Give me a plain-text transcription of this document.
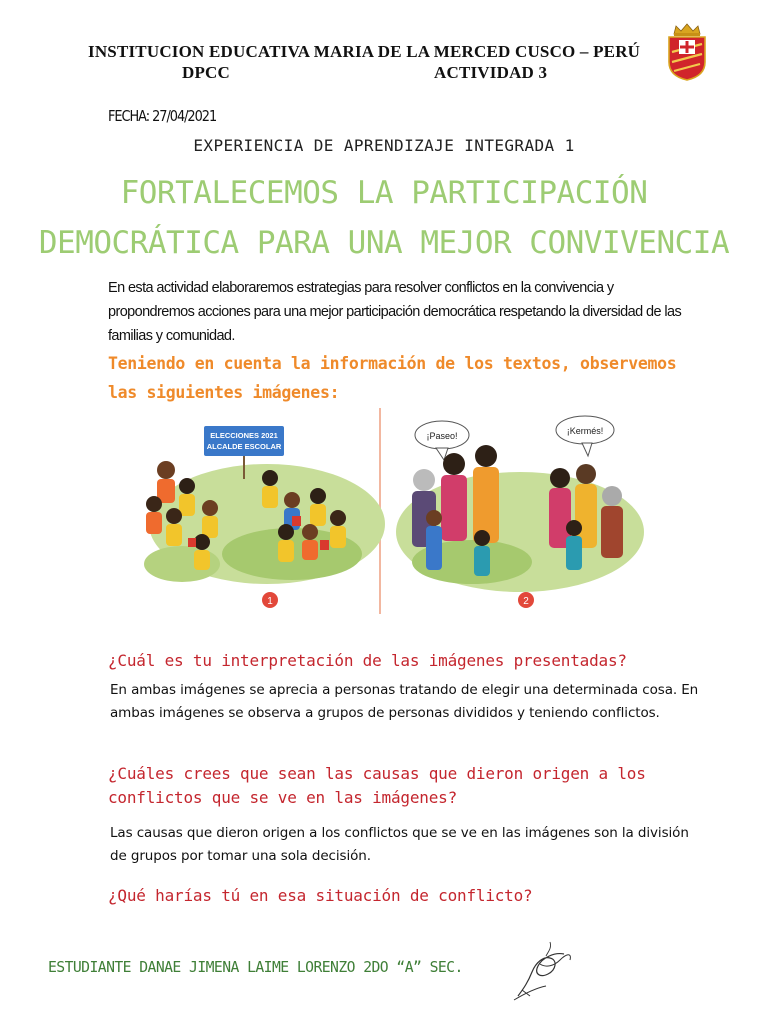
INSTITUCION EDUCATIVA MARIA DE LA MERCED CUSCO – PERÚ
DPCC	ACTIVIDAD 3
FECHA: 27/04/2021
EXPERIENCIA DE APRENDIZAJE INTEGRADA 1
FORTALECEMOS LA PARTICIPACIÓN
DEMOCRÁTICA PARA UNA MEJOR CONVIVENCIA
En esta actividad elaboraremos estrategias para resolver conflictos en la convivencia y propondremos acciones para una mejor participación democrática respetando la diversidad de las familias y comunidad.
Teniendo en cuenta la información de los textos, observemos las siguientes imágenes:
ELECCIONES 2021
ALCALDE ESCOLAR
1
¡Paseo!	¡Kermés!
2
¿Cuál es tu interpretación de las imágenes presentadas?
En ambas imágenes se aprecia a personas tratando de elegir una determinada cosa. En ambas imágenes se observa a grupos de personas divididos y teniendo conflictos.
¿Cuáles crees que sean las causas que dieron origen a los conflictos que se ve en las imágenes?
Las causas que dieron origen a los conflictos que se ve en las imágenes son la división de grupos por tomar una sola decisión.
¿Qué harías tú en esa situación de conflicto?
ESTUDIANTE DANAE JIMENA LAIME LORENZO 2DO “A” SEC.
